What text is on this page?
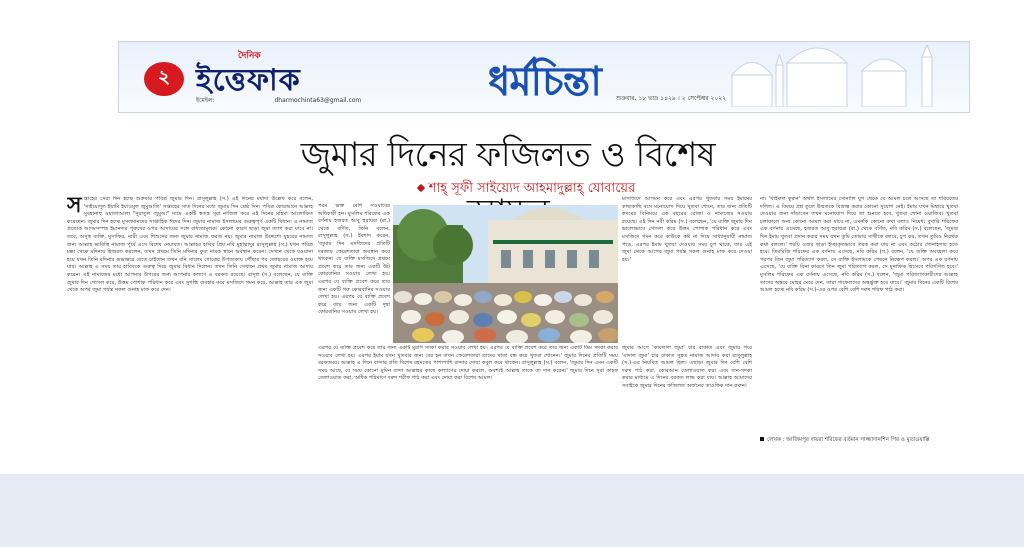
২
দৈনিক
ইত্তেফাক
ইমেইল:	dharmochinta63@gmail.com	ধর্মচিন্তা	শুক্রবার, ১৮ ভাদ্র ১৪২৯ । ২ সেপ্টেম্বর ২০২২
জুমার দিনের ফজিলত ও বিশেষ
শাহ্‌ সূফী সাইয়্যেদ আহমাদুল্লাহ্ যোবায়ের
স প্তাহের সেরা দিন হচ্ছে শুক্রবার পবিত্র জুমার দিন। রাসুলুল্লাহ (স.) এই দিনের মর্যাদা উল্লেখ করে বলেন, 'সাইয়্যেদুল ইয়ামি ইয়াওমুল জুমুআতি' সপ্তাহের সাত দিনের মধ্যে জুমার দিন শ্রেষ্ঠ দিন। পবিত্র কোরআনে আল্লাহ সুবহানাহু ওয়াতাআলা "সুরাতুল জুমুআ" নামে একটি স্বতন্ত্র সূরা নাজিল করে এই দিনের মহিমা আলোকিত করেছেন। জুমার দিন হচ্ছে মুসলমানদের সাপ্তাহিক ঈদের দিন। জুমার নামাজ ইসলামের গুরুত্বপূর্ণ একটি বিধান। এ নামাজ প্রত্যেক আদমসম্পন্ন ইমানদার পুরুষের ওপর আদায়ের সঙ্গে বাধ্যতামূলক। কোনো কারণ ছাড়া জুমা ত্যাগ করা যাবে না। তবে, অসুস্থ ব্যক্তি, মুসাফির, নারী এবং শিশুদের জন্য জুমার নামাজ ফরজ নয়। জুমার নামাজ উদ্দেশ্যে যুহরের নামাজ জন্য আল্লাহ ভাবিত্তি নামাজ পূর্বে এসে বিশেষ নেয়ামত। আল্লাহর হাবিব প্রিয় নবি মুহাম্মাদুর রাসুলুল্লাহ (স.) যখন পবিত্র মক্কা থেকে মদিনায় হিজরত করলেন, তখন প্রথমে তিনি মদিনার কুবা নামক স্থানে অবস্থান করেন। সেখান থেকে রওয়ানা হয়ে যখন তিনি মদিনার অভ্যন্তরে যেতে চাইলেন তখন বনি সালেম গোত্রের উপত্যকায় পৌঁছার পর জোহরের ওয়াক্ত হয়ে যায়। আল্লাহ এ সময় তার হাবিবকে গুরুত্ব দিয়ে জুমার বিধান দিলেন। তখন তিনি সেখানে প্রথম জুমার নামাজ আদায় করেন। এই নামাজের মধ্যে আপনার উপরের জন্য আপনার কল্যাণ ও বরকত রয়েছে। রাসূল (স.) বলেছেন, যে ব্যক্তি জুমার দিন গোসল করে, উত্তম পোশাক পরিধান করে এবং সুগন্ধি ব্যবহার করে মসজিদে গমন করে, আল্লাহ তার এক জুমা থেকে অপর জুমা পর্যন্ত সকল গুনাহ মাফ করে দেন।

পরম ভক্ত বেশি সওয়াবের অধিকারী হন। মুসলিম শরিফের এক বর্ণনায় হজরত আবু হুরায়রা (রা.) থেকে বর্ণিত, তিনি বলেন, রাসুলুল্লাহ (স.) ইরশাদ করেন, 'জুমার দিন মসজিদের প্রতিটি দরজায় ফেরেশতারা অবস্থান করে থাকেন। যে ব্যক্তি মসজিদে প্রথমে প্রবেশ করে তার জন্য একটি উট কোরবানির সওয়াব লেখা হয়। এরপর যে ব্যক্তি প্রবেশ করে তার জন্য একটি গরু কোরবানির সওয়াব লেখা হয়। এরপর যে ব্যক্তি প্রবেশ করে তার জন্য একটি দুম্বা কোরবানির সওয়াব লেখা হয়।

এরপর যে ব্যক্তি প্রবেশ করে তার জন্য একটি মুরগি সদকা করার সওয়াব লেখা হয়। এরপর যে ব্যক্তি প্রবেশ করে তার জন্য একটি ডিম সদকা করার সওয়াব লেখা হয়। এরপর ইমাম যখন খুতবার জন্য বের হন তখন ফেরেশতারা তাদের খাতা বন্ধ করে খুতবা শোনেন।' জুমার দিনের প্রতিটি সময় বরকতময়। আল্লাহ এ দিনে বান্দার প্রতি বিশেষ রহমতের পাশাপাশি বান্দার দোয়া কবুল করে থাকেন। রাসুলুল্লাহ (স.) বলেন, 'জুমার দিন এমন একটি সময় আছে, যে সময় কোনো মুমিন বান্দা আল্লাহর কাছে কল্যাণের দোয়া করলে, অবশ্যই আল্লাহ তাকে তা দান করেন।' জুমার দিনে সুরা কাহফ তেলাওয়াত করা, অধিক পরিমাণে দরুদ শরীফ পাঠ করা এবং দোয়া করা বিশেষ আমল।

মাসজিদে আগমন করে এবং এরপর খুতবার সময় ইমামের কাছাকাছি বসে মনোযোগ দিয়ে খুতবা শোনে, তার জন্য প্রতিটি কদমের বিনিময়ে এক বছরের রোজা ও নামাজের সওয়াব রয়েছে। এই দিন নবী করিম (স.) বলেছেন, 'যে ব্যক্তি জুমার দিন ভালোভাবে গোসল করে উত্তম পোশাক পরিধান করে এবং মসজিদে গমন করে কাউকে কষ্ট না দিয়ে সাধ্যানুযায়ী নামাজ পড়ে, এরপর ইমাম খুতবা দেওয়ার সময় চুপ থাকে, তার এই জুমা থেকে আগের জুমা পর্যন্ত সকল গুনাহ মাফ করে দেওয়া হয়।'

জুমার আগে 'কাবলাল জুমা' চার রাকাত এবং জুমার পরে 'বাদাল জুমা' চার রাকাত সুন্নত নামাজ আদায় করা রাসুলুল্লাহ (স.)-এর নিয়মিত আমল ছিল। এছাড়া জুমার দিন বেশি বেশি দরুদ পাঠ করা, কোরআন তেলাওয়াত করা এবং দান-সদকা করার মাধ্যমে এ দিনের বরকত লাভ করা যায়। আল্লাহ আমাদের সবাইকে জুমার দিনের ফজিলত অর্জনের তাওফিক দান করুন।

না। 'খাইরুল কুরুন' অর্থাৎ ইসলামের সোনালি যুগ থেকে যে আমল চলে আসছে তা শরিয়তের দলিল। এ বিষয়ে প্রশ্ন তুলে উম্মতকে বিভ্রান্ত করার কোনো সুযোগ নেই। ইমাম যখন মিম্বারে খুতবা দেওয়ার জন্য দাঁড়াবেন তখন মনোযোগ দিয়ে তা শুনতে হবে, খুতবা শোনা ওয়াজিব। খুতবা চলাকালে অন্য কোনো আমল করা যাবে না, এমনকি কোনো কথা বলাও নিষেধ। বুখারি শরিফের এক বর্ণনায় এসেছে, হজরত আবু হুরায়রা (রা.) থেকে বর্ণিত, নবি করিম (স.) বলেছেন, 'জুমার দিন ইমাম খুতবা প্রদান করার সময় যখন তুমি তোমার সাথীকে বলবে, চুপ কর, তখন তুমিও নিরর্থক কথা বললে।' শরয়ি ওজর ছাড়া ইচ্ছাকৃতভাবে তরক করা যায় না এবং কঠোর গোনাহগার হতে হবে। তিরমিজি শরিফের এক বর্ণনায় এসেছে, নবি করিম (স.) বলেন, 'যে ব্যক্তি অবহেলা করে পরপর তিন জুমা পরিত্যাগ করল, সে ব্যক্তি ইসলামকে পেছনে নিক্ষেপ করল।' অপর এক বর্ণনায় এসেছে, 'যে ব্যক্তি বিনা কারণে তিন জুমা পরিত্যাগ করল, সে মুনাফিক হিসেবে পরিগণিত হবে।' মুসলিম শরিফের এক বর্ণনায় এসেছে, নবি করিম (স.) বলেন, 'জুমা পরিত্যাগকারীদের আল্লাহ তাদের অন্তরে মোহর মেরে দেন, তারা গাফেলদের অন্তর্ভুক্ত হয়ে যাবে।' জুমার দিনের একটি বিশেষ আমল হচ্ছে নবি করিম (স.)-এর ওপর বেশি বেশি দরুদ শরিফ পাঠ করা।

লেখক : আজিমপুর দায়রা শরিফের বর্তমান সাজ্জাদানশিন পির ও মুতাওয়াল্লি
